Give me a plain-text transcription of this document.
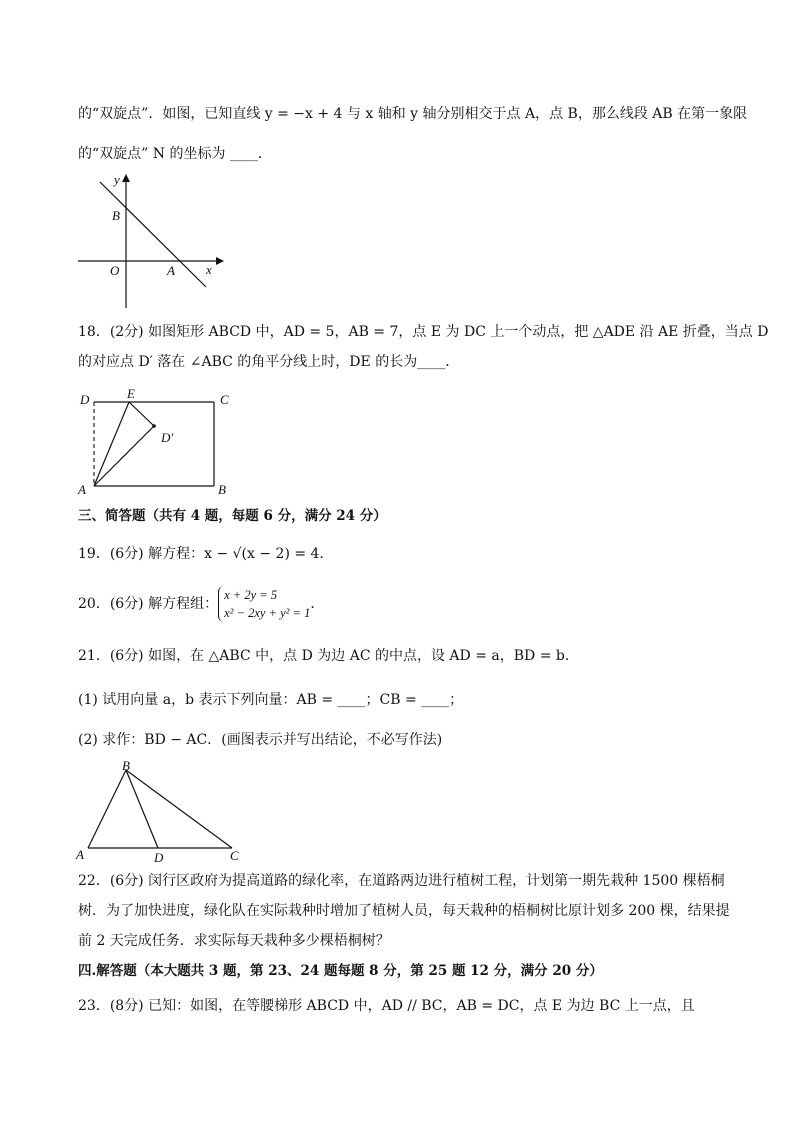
的“双旋点”．如图，已知直线 y = −x + 4 与 x 轴和 y 轴分别相交于点 A，点 B，那么线段 AB 在第一象限
的“双旋点” N 的坐标为 ____．
y
x
B
O	A
18．(2分) 如图矩形 ABCD 中，AD = 5，AB = 7，点 E 为 DC 上一个动点，把 △ADE 沿 AE 折叠，当点 D
的对应点 D′ 落在 ∠ABC 的角平分线上时，DE 的长为____．
D	E	C
D′
A	B
三、简答题（共有 4 题，每题 6 分，满分 24 分）
19．(6分) 解方程：x − √(x − 2) = 4．
20．(6分) 解方程组：x + 2y = 5
x² − 2xy + y² = 1．
21．(6分) 如图，在 △ABC 中，点 D 为边 AC 的中点，设 AD = a，BD = b．
(1) 试用向量 a，b 表示下列向量：AB = ____；CB = ____；
(2) 求作：BD − AC．(画图表示并写出结论，不必写作法)
B
A	D	C
22．(6分) 闵行区政府为提高道路的绿化率，在道路两边进行植树工程，计划第一期先栽种 1500 棵梧桐
树．为了加快进度，绿化队在实际栽种时增加了植树人员，每天栽种的梧桐树比原计划多 200 棵，结果提
前 2 天完成任务．求实际每天栽种多少棵梧桐树？
四.解答题（本大题共 3 题，第 23、24 题每题 8 分，第 25 题 12 分，满分 20 分）
23．(8分) 已知：如图，在等腰梯形 ABCD 中，AD // BC，AB = DC，点 E 为边 BC 上一点，且
